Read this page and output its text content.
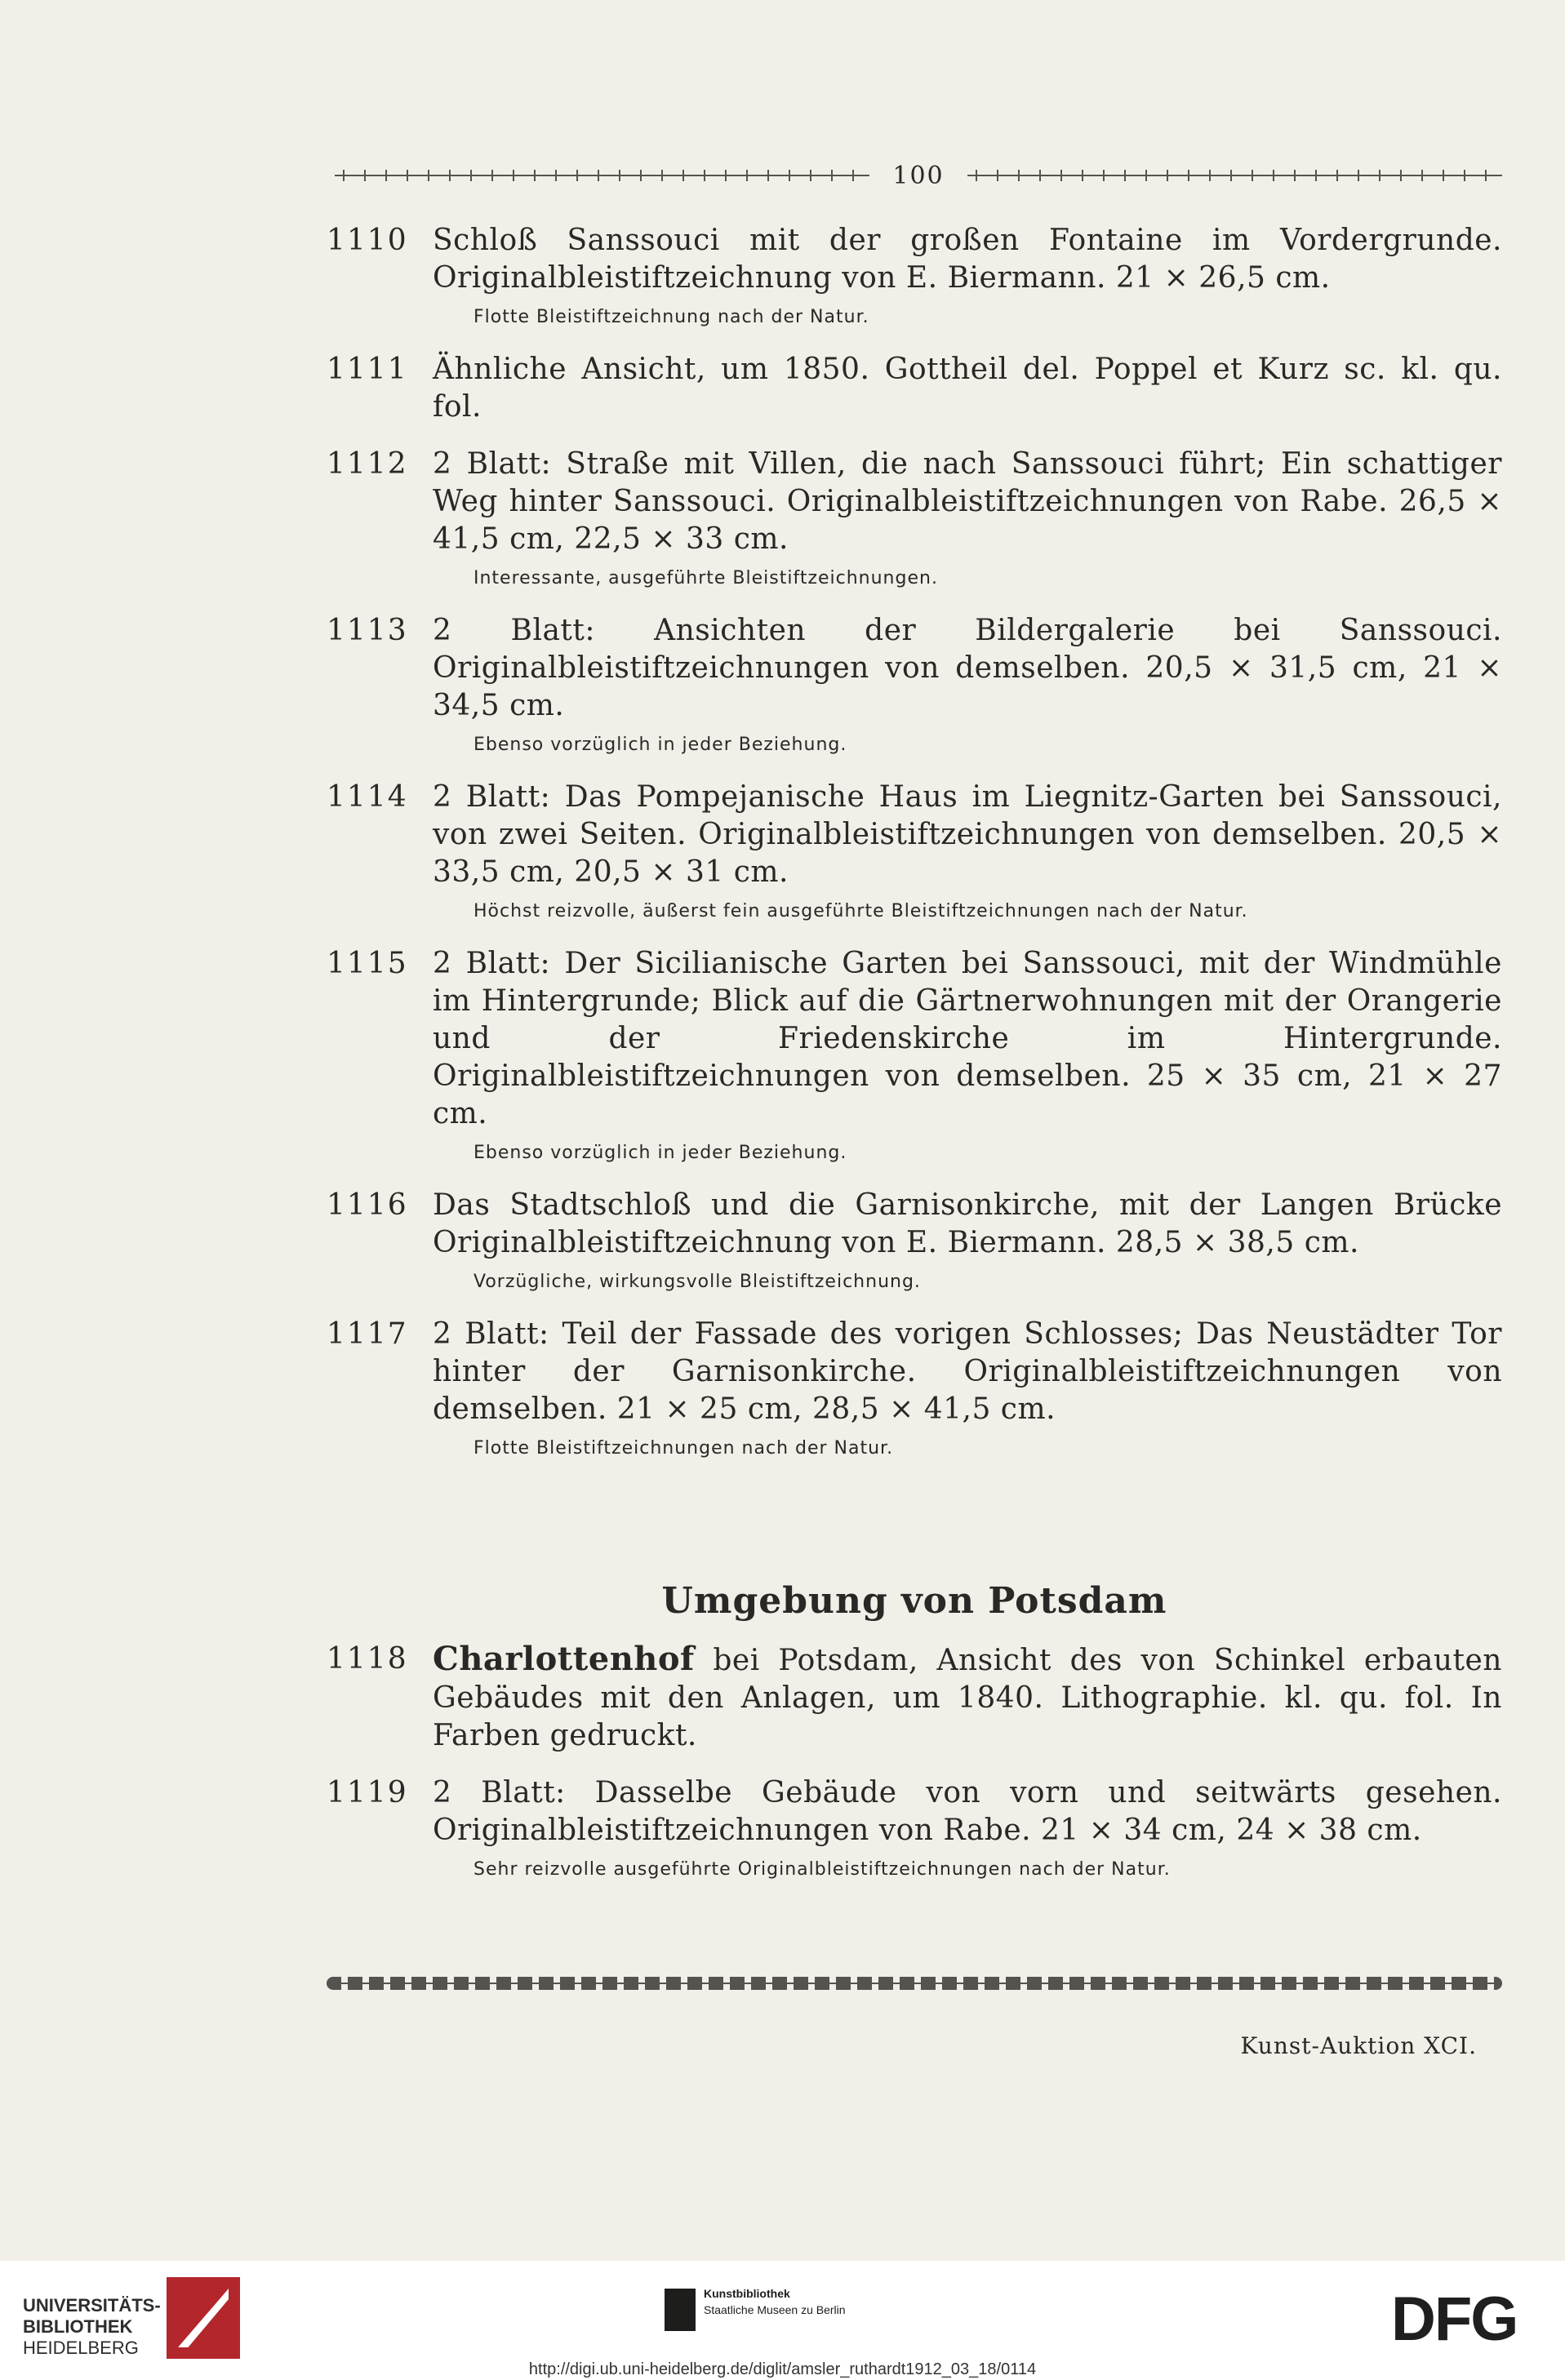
100
1110 Schloß Sanssouci mit der großen Fontaine im Vordergrunde. Originalbleistiftzeichnung von E. Biermann. 21 × 26,5 cm.
Flotte Bleistiftzeichnung nach der Natur.
1111 Ähnliche Ansicht, um 1850. Gottheil del. Poppel et Kurz sc. kl. qu. fol.
1112 2 Blatt: Straße mit Villen, die nach Sanssouci führt; Ein schattiger Weg hinter Sanssouci. Originalbleistiftzeichnungen von Rabe. 26,5 × 41,5 cm, 22,5 × 33 cm.
Interessante, ausgeführte Bleistiftzeichnungen.
1113 2 Blatt: Ansichten der Bildergalerie bei Sanssouci. Originalbleistiftzeichnungen von demselben. 20,5 × 31,5 cm, 21 × 34,5 cm.
Ebenso vorzüglich in jeder Beziehung.
1114 2 Blatt: Das Pompejanische Haus im Liegnitz-Garten bei Sanssouci, von zwei Seiten. Originalbleistiftzeichnungen von demselben. 20,5 × 33,5 cm, 20,5 × 31 cm.
Höchst reizvolle, äußerst fein ausgeführte Bleistiftzeichnungen nach der Natur.
1115 2 Blatt: Der Sicilianische Garten bei Sanssouci, mit der Windmühle im Hintergrunde; Blick auf die Gärtnerwohnungen mit der Orangerie und der Friedenskirche im Hintergrunde. Originalbleistiftzeichnungen von demselben. 25 × 35 cm, 21 × 27 cm.
Ebenso vorzüglich in jeder Beziehung.
1116 Das Stadtschloß und die Garnisonkirche, mit der Langen Brücke Originalbleistiftzeichnung von E. Biermann. 28,5 × 38,5 cm.
Vorzügliche, wirkungsvolle Bleistiftzeichnung.
1117 2 Blatt: Teil der Fassade des vorigen Schlosses; Das Neustädter Tor hinter der Garnisonkirche. Originalbleistiftzeichnungen von demselben. 21 × 25 cm, 28,5 × 41,5 cm.
Flotte Bleistiftzeichnungen nach der Natur.
Umgebung von Potsdam
1118 Charlottenhof bei Potsdam, Ansicht des von Schinkel erbauten Gebäudes mit den Anlagen, um 1840. Lithographie. kl. qu. fol. In Farben gedruckt.
1119 2 Blatt: Dasselbe Gebäude von vorn und seitwärts gesehen. Originalbleistiftzeichnungen von Rabe. 21 × 34 cm, 24 × 38 cm.
Sehr reizvolle ausgeführte Originalbleistiftzeichnungen nach der Natur.
Kunst-Auktion XCI.
UNIVERSITÄTS-
BIBLIOTHEK
HEIDELBERG
Kunstbibliothek
Staatliche Museen zu Berlin	DFG
http://digi.ub.uni-heidelberg.de/diglit/amsler_ruthardt1912_03_18/0114
